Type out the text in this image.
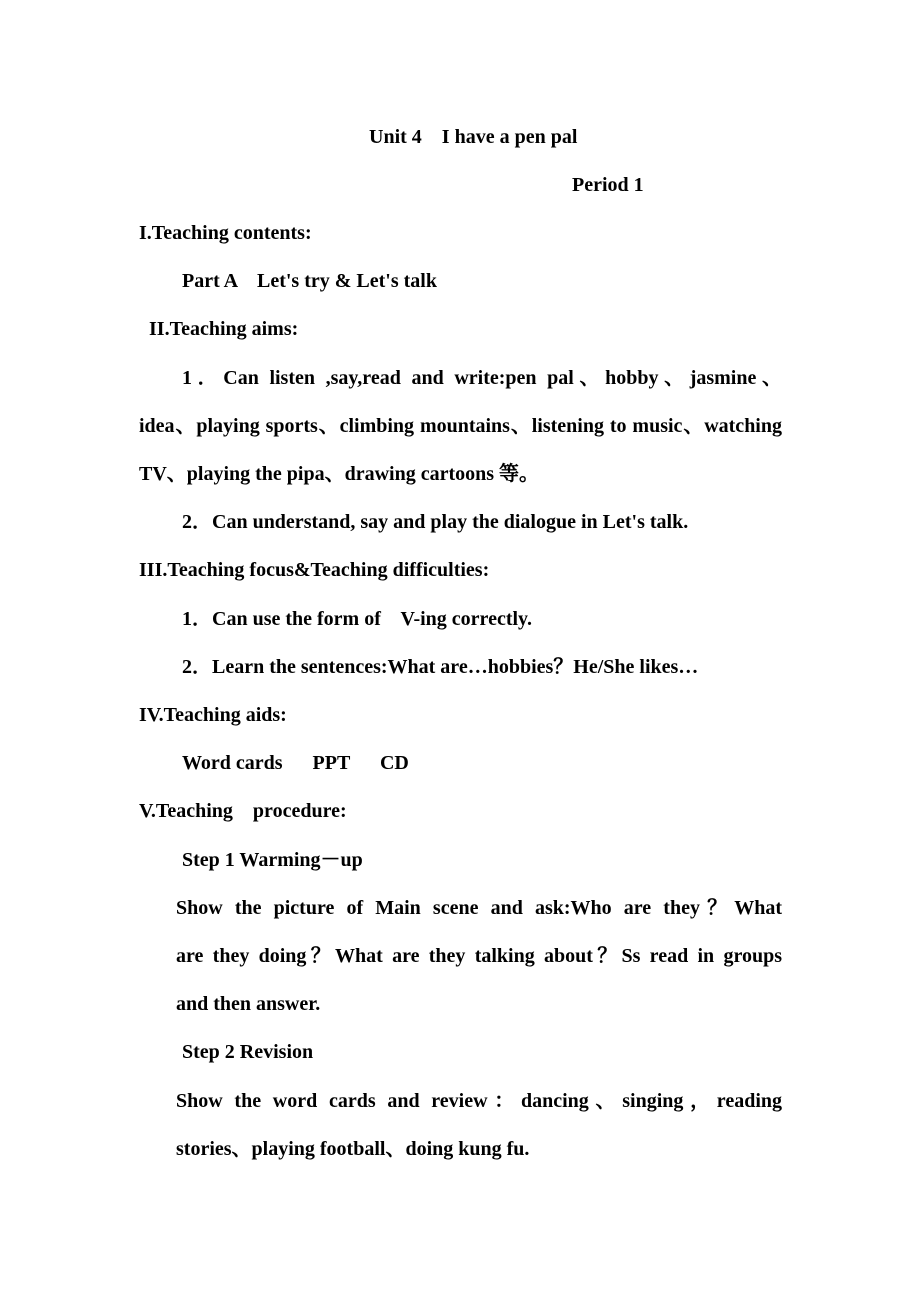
Unit 4    I have a pen pal
Period 1
I.Teaching contents:
Part A    Let's try & Let's talk
II.Teaching aims:
1．Can listen ,say,read and write:pen pal、hobby、jasmine、
idea、playing sports、climbing mountains、listening to music、watching
TV、playing the pipa、drawing cartoons 等。
2．Can understand, say and play the dialogue in Let's talk.
III.Teaching focus&Teaching difficulties:
1．Can use the form of    V-ing correctly.
2．Learn the sentences:What are…hobbies？He/She likes…
IV.Teaching aids:
Word cards      PPT      CD
V.Teaching    procedure:
Step 1 Warming－up
Show the picture of Main scene and ask:Who are they？What
are they doing？What are they talking about？Ss read in groups
and then answer.
Step 2 Revision
Show the word cards and review：dancing、singing，reading
stories、playing football、doing kung fu.
